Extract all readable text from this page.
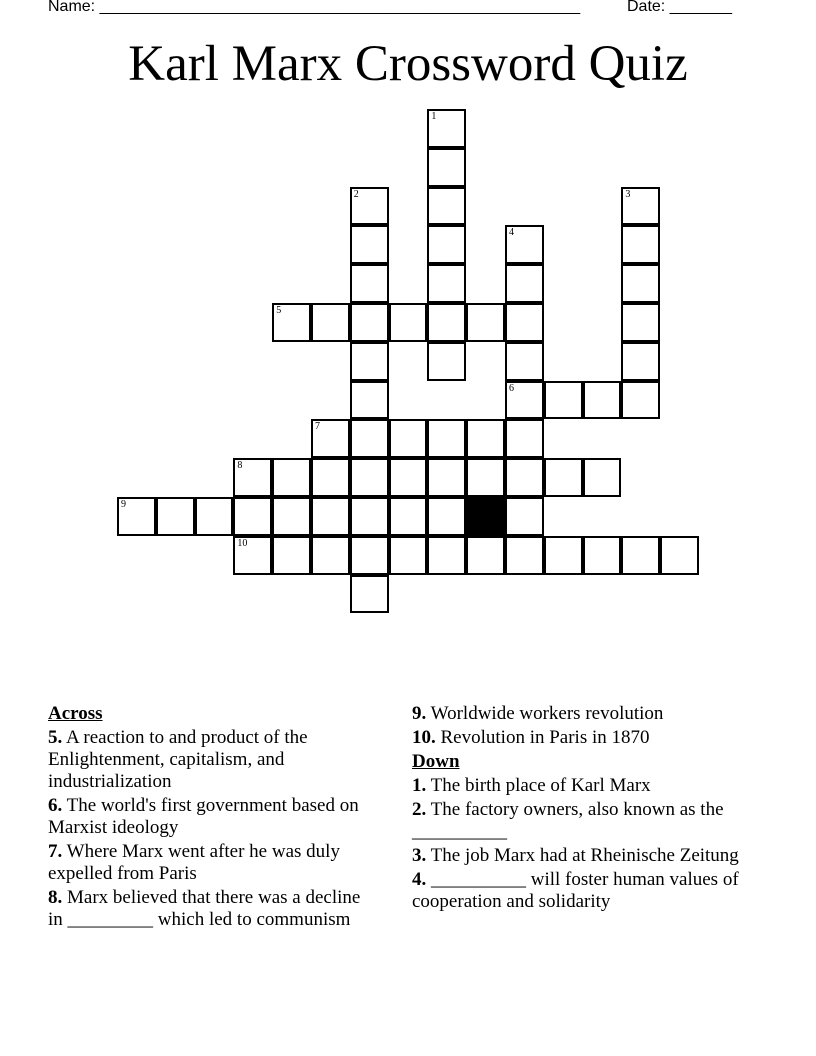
Name: ______________________________________________________	Date: _______
Karl Marx Crossword Quiz
1
2	3
4
5
6
7
8
9
10
Across
5. A reaction to and product of the Enlightenment, capitalism, and industrialization
6. The world's first government based on Marxist ideology
7. Where Marx went after he was duly expelled from Paris
8. Marx believed that there was a decline in _________ which led to communism
9. Worldwide workers revolution
10. Revolution in Paris in 1870
Down
1. The birth place of Karl Marx
2. The factory owners, also known as the __________
3. The job Marx had at Rheinische Zeitung
4. __________ will foster human values of cooperation and solidarity
